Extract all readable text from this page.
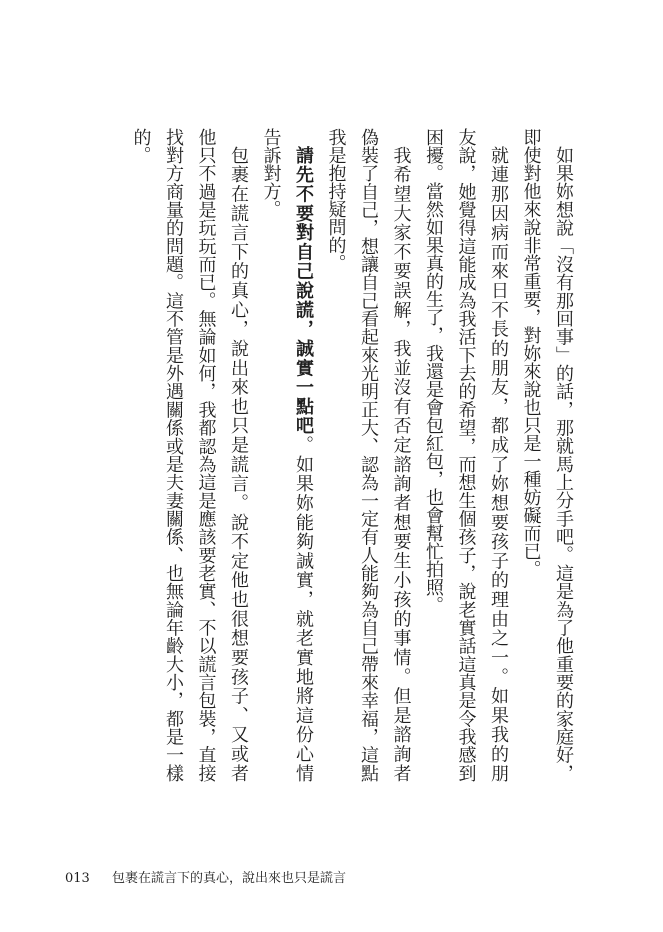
如果妳想說「沒有那回事」的話，那就馬上分手吧。這是為了他重要的家庭好，
即使對他來說非常重要，對妳來說也只是一種妨礙而已。
就連那因病而來日不長的朋友，都成了妳想要孩子的理由之一。如果我的朋
友說，她覺得這能成為我活下去的希望，而想生個孩子，說老實話這真是令我感到
困擾。當然如果真的生了，我還是會包紅包，也會幫忙拍照。
我希望大家不要誤解，我並沒有否定諮詢者想要生小孩的事情。但是諮詢者
偽裝了自己，想讓自己看起來光明正大、認為一定有人能夠為自己帶來幸福，這點
我是抱持疑問的。
請先不要對自己說謊，誠實一點吧。如果妳能夠誠實，就老實地將這份心情
告訴對方。
包裹在謊言下的真心，說出來也只是謊言。說不定他也很想要孩子、又或者
他只不過是玩玩而已。無論如何，我都認為這是應該要老實、不以謊言包裝，直接
找對方商量的問題。這不管是外遇關係或是夫妻關係、也無論年齡大小，都是一樣
的。
013 包裹在謊言下的真心，說出來也只是謊言
